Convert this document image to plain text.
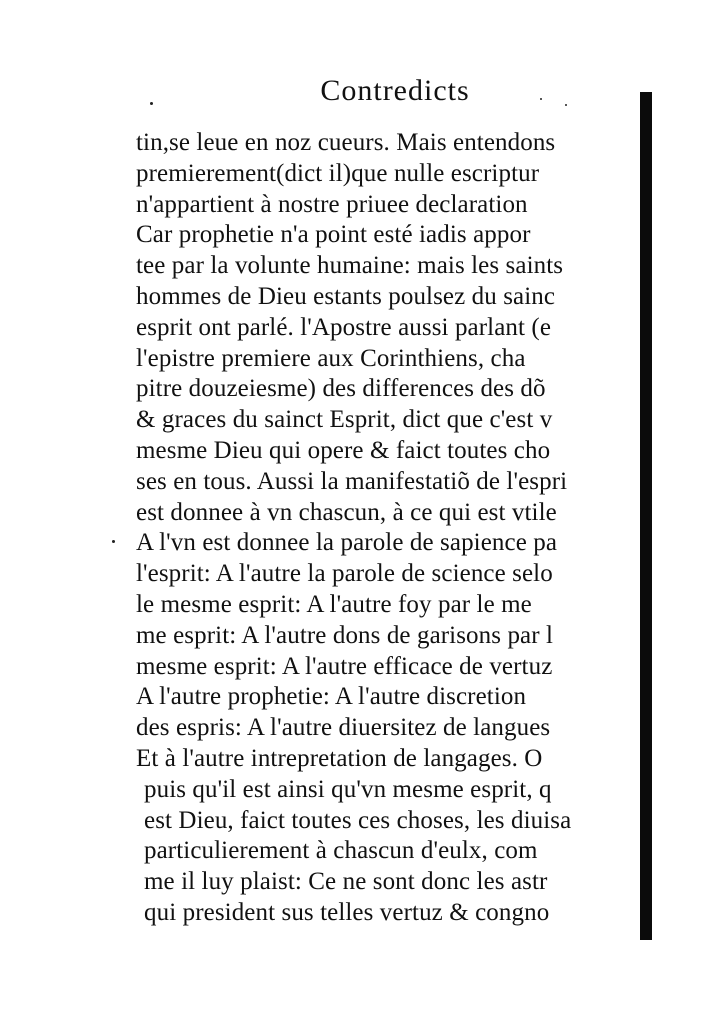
Contredicts
tin,se leue en noz cueurs. Mais entendons
premierement(dict il)que nulle escriptur
n'appartient à nostre priuee declaration
Car prophetie n'a point esté iadis appor
tee par la volunte humaine: mais les saints
hommes de Dieu estants poulsez du sainc
esprit ont parlé. l'Apostre aussi parlant (e
l'epistre premiere aux Corinthiens, cha
pitre douzeiesme) des differences des dõ
& graces du sainct Esprit, dict que c'est v
mesme Dieu qui opere & faict toutes cho
ses en tous. Aussi la manifestatiõ de l'espri
est donnee à vn chascun, à ce qui est vtile
A l'vn est donnee la parole de sapience pa
l'esprit: A l'autre la parole de science selo
le mesme esprit: A l'autre foy par le me
me esprit: A l'autre dons de garisons par l
mesme esprit: A l'autre efficace de vertuz
A l'autre prophetie: A l'autre discretion
des espris: A l'autre diuersitez de langues
Et à l'autre intrepretation de langages. O
puis qu'il est ainsi qu'vn mesme esprit, q
est Dieu, faict toutes ces choses, les diuisa
particulierement à chascun d'eulx, com
me il luy plaist: Ce ne sont donc les astr
qui president sus telles vertuz & congno
